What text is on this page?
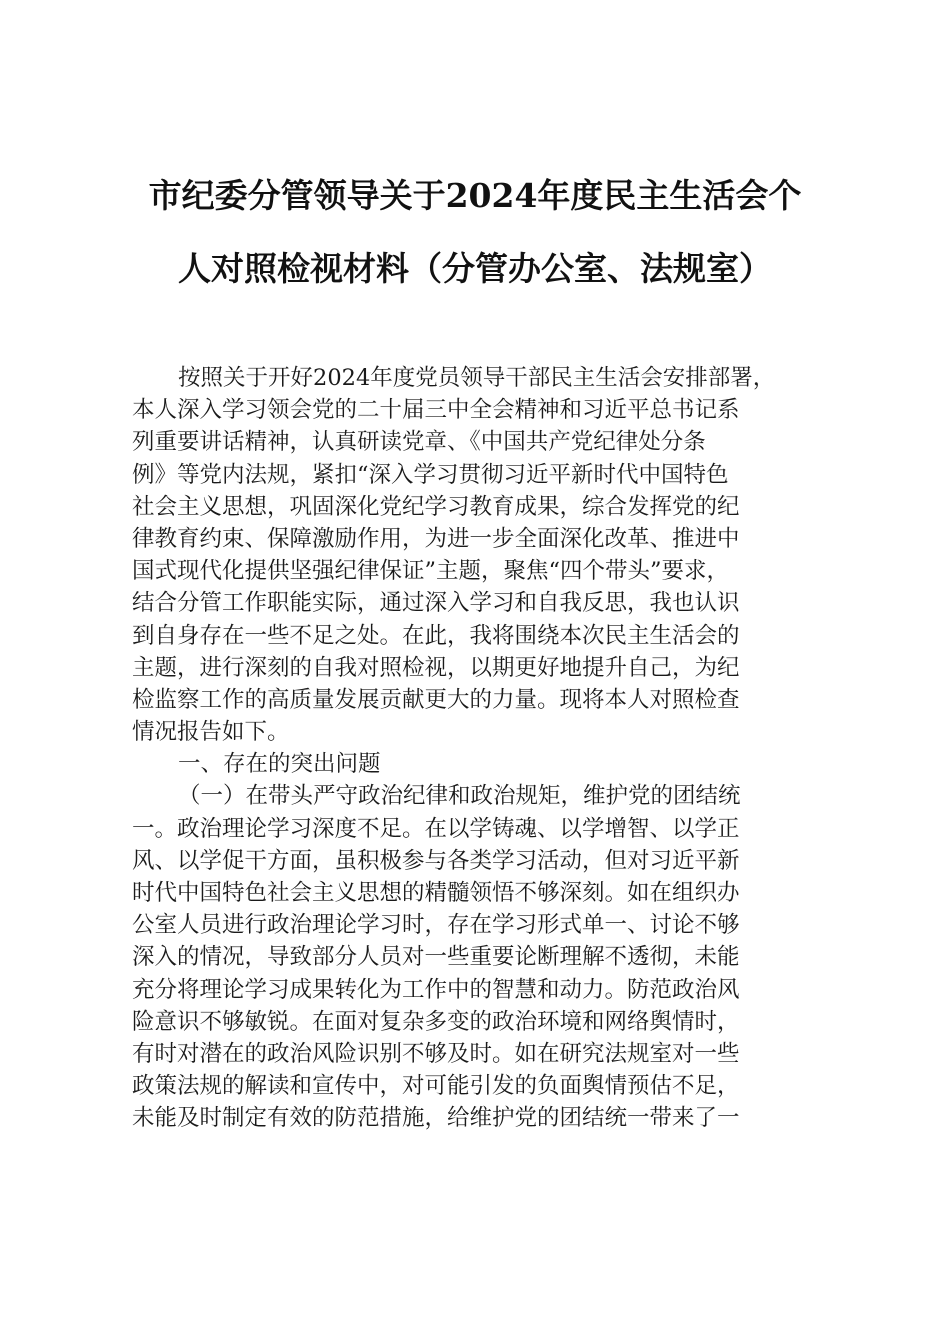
市纪委分管领导关于2024年度民主生活会个
人对照检视材料（分管办公室、法规室）
按照关于开好2024年度党员领导干部民主生活会安排部署，
本人深入学习领会党的二十届三中全会精神和习近平总书记系
列重要讲话精神，认真研读党章、《中国共产党纪律处分条
例》等党内法规，紧扣“深入学习贯彻习近平新时代中国特色
社会主义思想，巩固深化党纪学习教育成果，综合发挥党的纪
律教育约束、保障激励作用，为进一步全面深化改革、推进中
国式现代化提供坚强纪律保证”主题，聚焦“四个带头”要求，
结合分管工作职能实际，通过深入学习和自我反思，我也认识
到自身存在一些不足之处。在此，我将围绕本次民主生活会的
主题，进行深刻的自我对照检视，以期更好地提升自己，为纪
检监察工作的高质量发展贡献更大的力量。现将本人对照检查
情况报告如下。
一、存在的突出问题
（一）在带头严守政治纪律和政治规矩，维护党的团结统
一。政治理论学习深度不足。在以学铸魂、以学增智、以学正
风、以学促干方面，虽积极参与各类学习活动，但对习近平新
时代中国特色社会主义思想的精髓领悟不够深刻。如在组织办
公室人员进行政治理论学习时，存在学习形式单一、讨论不够
深入的情况，导致部分人员对一些重要论断理解不透彻，未能
充分将理论学习成果转化为工作中的智慧和动力。防范政治风
险意识不够敏锐。在面对复杂多变的政治环境和网络舆情时，
有时对潜在的政治风险识别不够及时。如在研究法规室对一些
政策法规的解读和宣传中，对可能引发的负面舆情预估不足，
未能及时制定有效的防范措施，给维护党的团结统一带来了一
